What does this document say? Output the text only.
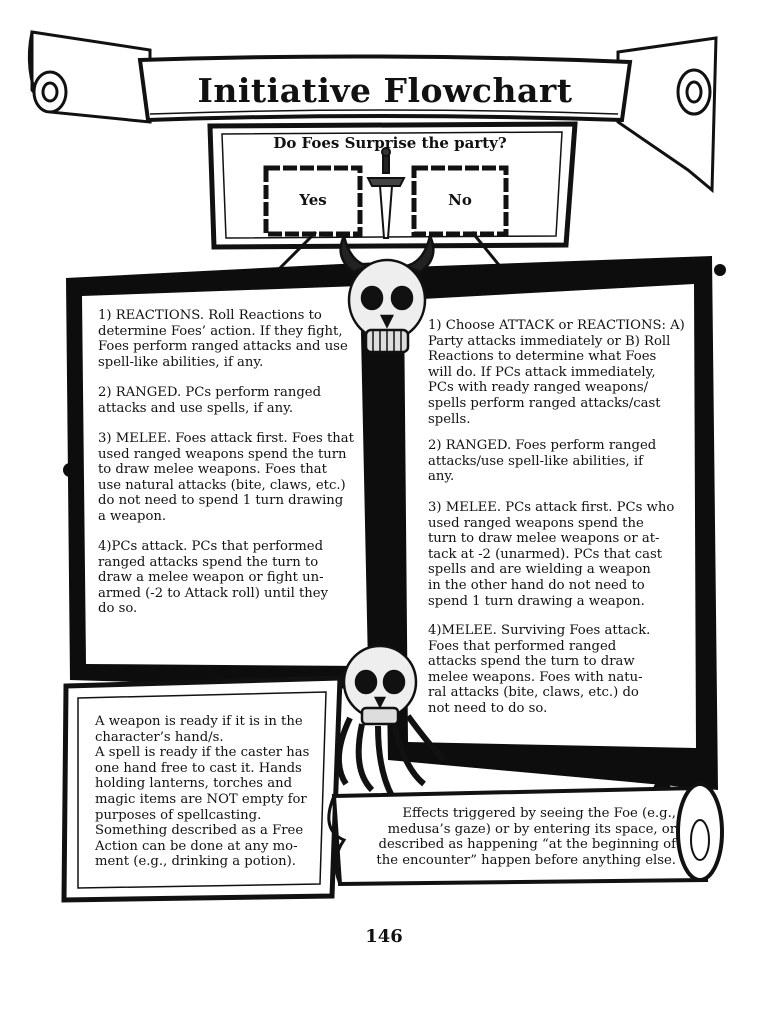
Initiative Flowchart
Do Foes Surprise the party?
Yes	No
1) REACTIONS. Roll Reactions to
determine Foes’ action. If they fight,
Foes perform ranged attacks and use
spell-like abilities, if any.
2) RANGED. PCs perform ranged
attacks and use spells, if any.
3) MELEE. Foes attack first. Foes that
used ranged weapons spend the turn
to draw melee weapons. Foes that
use natural attacks (bite, claws, etc.)
do not need to spend 1 turn drawing
a weapon.
4)PCs attack. PCs that performed
ranged attacks spend the turn to
draw a melee weapon or fight un-
armed (-2 to Attack roll) until they
do so.
1) Choose ATTACK or REACTIONS: A)
Party attacks immediately or B) Roll
Reactions to determine what Foes
will do. If PCs attack immediately,
PCs with ready ranged weapons/
spells perform ranged attacks/cast
spells.
2) RANGED. Foes perform ranged
attacks/use spell-like abilities, if
any.
3) MELEE. PCs attack first. PCs who
used ranged weapons spend the
turn to draw melee weapons or at-
tack at -2 (unarmed). PCs that cast
spells and are wielding a weapon
in the other hand do not need to
spend 1 turn drawing a weapon.
4)MELEE. Surviving Foes attack.
Foes that performed ranged
attacks spend the turn to draw
melee weapons. Foes with natu-
ral attacks (bite, claws, etc.) do
not need to do so.
A weapon is ready if it is in the
character’s hand/s.
A spell is ready if the caster has
one hand free to cast it. Hands
holding lanterns, torches and
magic items are NOT empty for
purposes of spellcasting.
Something described as a Free
Action can be done at any mo-
ment (e.g., drinking a potion).
Effects triggered by seeing the Foe (e.g.,
medusa’s gaze) or by entering its space, or
described as happening “at the beginning of
the encounter” happen before anything else.
146
